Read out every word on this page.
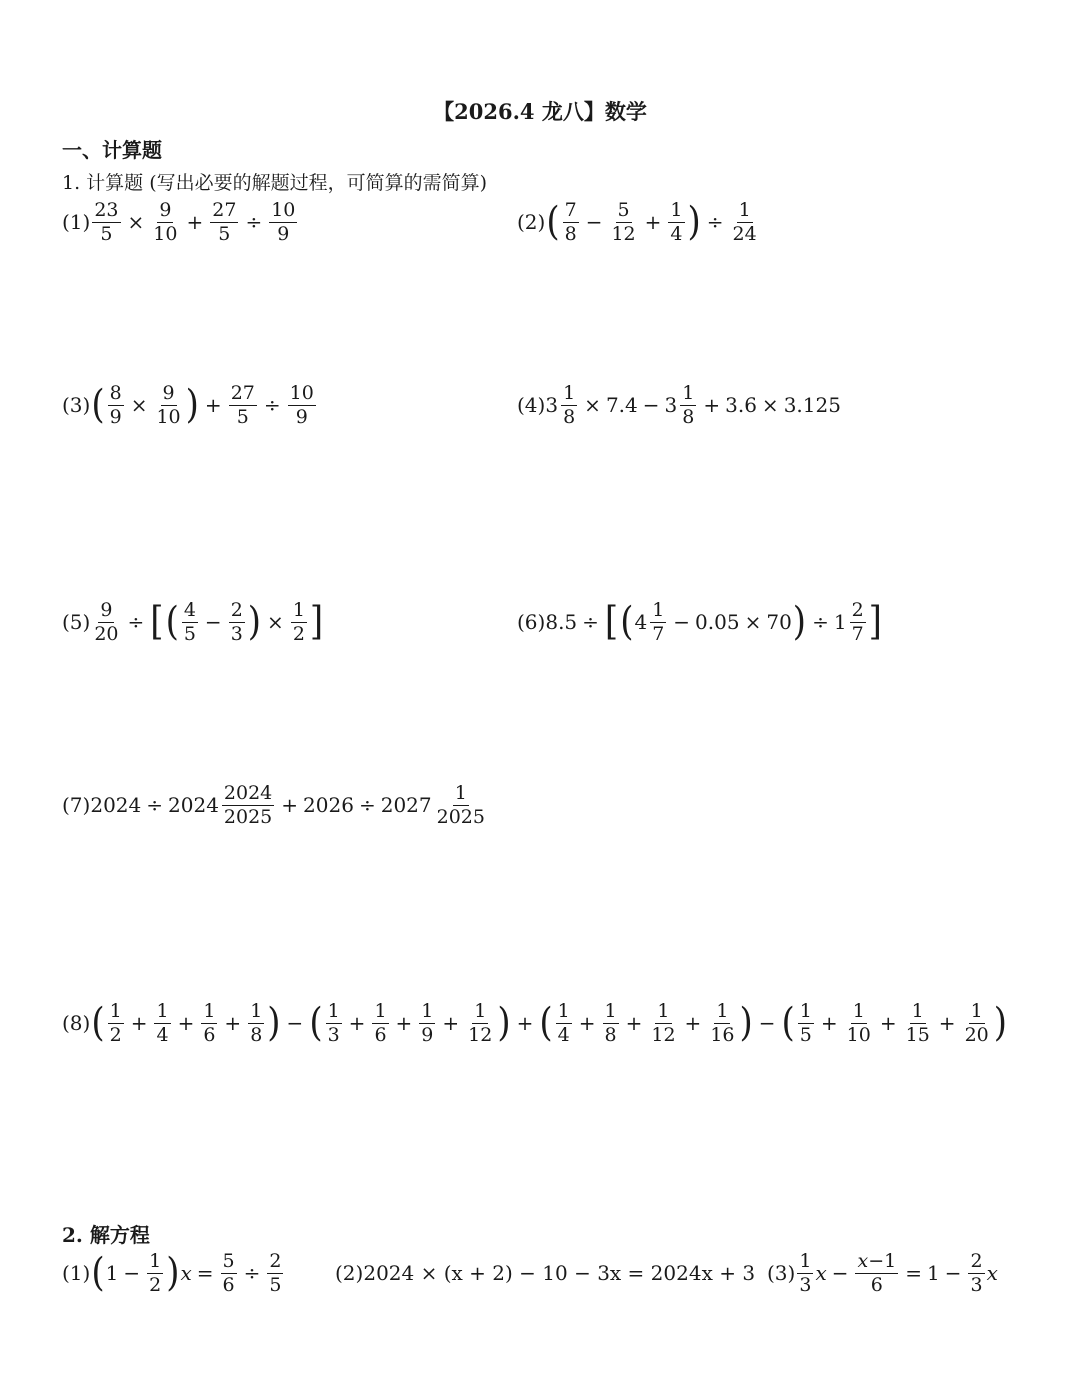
【2026.4 龙八】数学
一、计算题
1. 计算题 (写出必要的解题过程，可简算的需简算)
$(1) \frac{23}{5} \times \frac{9}{10} + \frac{27}{5} \div \frac{10}{9}$	(2) ( 7
$8 - \frac{5}{12} + \frac{1}{4}$ ) ÷ $\frac{1}{24}$
(3) ( $\frac{8}{9} \times \frac{9}{10}$ ) + $\frac{27}{5} \div \frac{10}{9}$	(4) $3 \frac{1}{8} \times 7.4 - 3$
1
8 + 3.6 × 3.125
$(5) \frac{9}{20}$ ÷ [ ( 4
$5 - \frac{2}{3}$ ) × $\frac{1}{2}$ ]	(6) 8.5 ÷ [ ( 4
1
7 − 0.05 × 70 ) ÷ 1
2
7 ]
(7) 2024 ÷ 2024
2024
2025 + 2026 ÷ 2027
1
2025
(8) ( 1
$2 + \frac{1}{4} + \frac{1}{6} + \frac{1}{8}$ ) − ( 1
$3 + \frac{1}{6} + \frac{1}{9} + \frac{1}{12}$ ) + ( 1
$4 + \frac{1}{8} + \frac{1}{12} + \frac{1}{16}$ ) − ( 1
$5 + \frac{1}{10} + \frac{1}{15} + \frac{1}{20}$ )
2. 解方程
(1) ( $1 - \frac{1}{2}$ ) $x = \frac{5}{6} \div \frac{2}{5}$	(2) 2024 × (x + 2) − 10 − 3x = 2024x + 3 (3)
1
3 $x - \frac{x-1}{6} = 1 - \frac{2}{3}$ x
